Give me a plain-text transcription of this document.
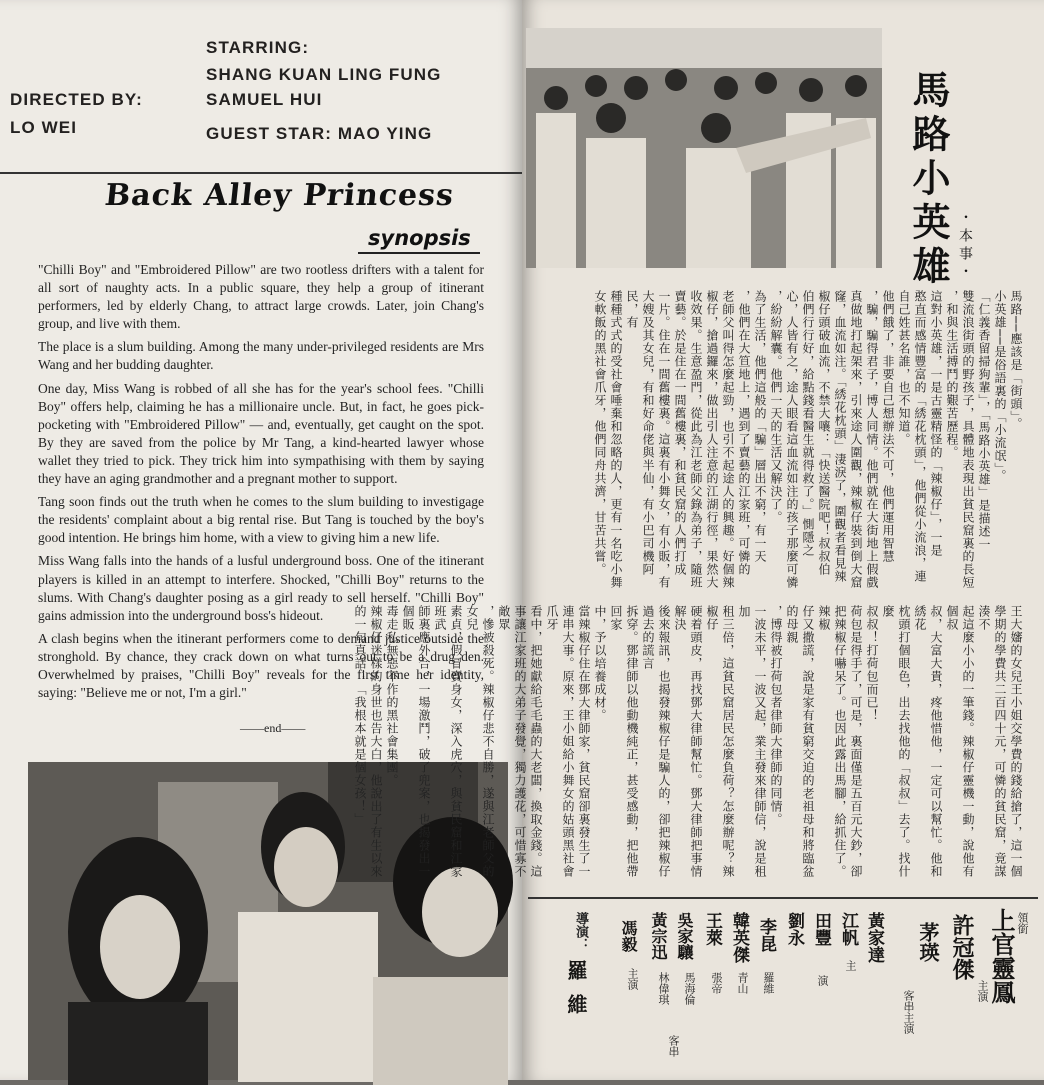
STARRING:
SHANG KUAN LING FUNG
SAMUEL HUI
DIRECTED BY:
LO WEI	GUEST STAR: MAO YING
Back Alley Princess
synopsis

"Chilli Boy" and "Embroidered Pillow" are two rootless drifters with a talent for all sort of naughty acts. In a public square, they help a group of itinerant performers, led by elderly Chang, to attract large crowds. Later, join Chang's group, and live with them.

The place is a slum building. Among the many under-privileged residents are Mrs Wang and her budding daughter.

One day, Miss Wang is robbed of all she has for the year's school fees. "Chilli Boy" offers help, claiming he has a millionaire uncle. But, in fact, he goes pick-pocketing with "Embroidered Pillow" — and, eventually, get caught on the spot. By they are saved from the police by Mr Tang, a kind-hearted lawyer whose wallet they tried to pick. They trick him into sympathising with them by saying they have an aging grandmother and a pregnant mother to support.

Tang soon finds out the truth when he comes to the slum building to investigage the residents' complaint about a big rental rise. But Tang is touched by the boy's good intention. He brings him home, with a view to giving him a new life.

Miss Wang falls into the hands of a lusful underground boss. One of the itinerant players is killed in an attempt to interfere. Shocked, "Chilli Boy" returns to the slums. With Chang's daughter posing as a girl ready to sell herself. "Chilli Boy" gains admission into the underground boss's hideout.

A clash begins when the itinerant performers come to demand justice outside the stronghold. By chance, they crack down on what turns out to be a drug den. Overwhelmed by praises, "Chilli Boy" reveals for the first time her identity, saying: "Believe me or not, I'm a girl."

——end——
馬路小英雄 ・本事・
馬路──應該是「街頭」。
小英雄──是俗語裏的「小流氓」。
「仁義香留掃狗輩」，「馬路小英雄」是描述一
雙流浪街頭的野孩子，具體地表現出貧民窟裏的長短
，和與生活搏鬥的艱苦歷程。
這對小英雄，一是古靈精怪的「辣椒仔」，一是
憨直而感情豐富的「綉花枕頭」，他們從小流浪，連
自己姓甚名誰，也不知道。
他們餓了，非要自己想辦法不可，他們運用智慧
，騙，騙得君子，博人同情。他們就在大街地上假戲
真做地打起架來，引來途人圍觀，辣椒仔裝到倒大窟
窿，血流如注。「綉花枕頭」淒淚了，圍觀者看見辣
椒仔頭破血流，不禁大嚷：「快送醫院吧！叔叔伯
伯們行行好，給點錢看醫生就得救了。」惻隱之
心，人皆有之，途人眼看這血流如注的孩子那麼可憐
，紛紛解囊。他們一天的生活又解決了。
為了生活，他們這般的「騙」層出不窮，有一天
，他們在大笪地上，遇到了賣藝的江家班，可憐的
老師父叫得怎麼起勁，也引不起途人的興趣。好個辣
椒仔，搶過鑼來，做出引人注意的江湖行徑，果然大
收效果。生意盈門，從此為江老師父錄為弟子，隨班
賣藝。於是住在一間舊樓裏，和貧民窟的人們打成
一片。住在一間舊樓裏。這裏有小舞女，有小販，有
大嫂及其女兒，有和好命佬與半仙，有小巴司機阿民，有
種種式式的受社會唾棄和忽略的人，更有一名吃小舞
女軟飯的黑社會爪牙，他們同舟共濟，甘苦共嘗。
王大嬸的女兒王小姐交學費的錢給搶了，這一個
學期的學費共二百四十元，可憐的貧民窟，竟謀湊不
起這麼小小的一筆錢。辣椒仔靈機一動，說他有個叔
叔，大富大貴，疼他惜他，一定可以幫忙。他和綉花
枕頭打個眼色，出去找他的「叔叔」去了。找什麼
叔叔！打荷包而已！
荷包是得手了，可是，裏面僅是五百元大鈔，卻
把辣椒仔嚇呆了。也因此露出馬腳，給抓住了。辣椒
仔又撒謊，說是家有貧窮交迫的老祖母和將臨盆的母親
，博得被打荷包者律師大律師的同情。
一波未平，一波又起，業主發來律師信，說是租加
租三倍，這貧民窟居民怎麼負荷？怎麼辦呢？辣椒仔
硬着頭皮，再找鄧大律師幫忙。鄧大律師把事情解決
後來報訊，也揭發辣椒仔是騙人的，卻把辣椒仔過去的謊言
拆穿。鄧律師以他動機純正，甚受感動，把他帶回家
中，予以培養成材。
當辣椒仔住在鄧大律師家，貧民窟卻裏發生了一
連串大事。原來，王小姐給小舞女的姑頭黑社會爪牙
看中，把她獻給毛毛蟲的大老闆，換取金錢。這
事讓江家班的大弟子發覺，獨力護花，可惜寡不敵眾
，慘被殺死。辣椒仔悲不自勝，遂與江老師父的女兒
素貞，假冒賣身女，深入虎穴，與貧民窟和江家班武
師裏應外合，一場激鬥，破了兜案，也揭發出一個販
毒走私無惡不作的黑社會集團。
辣椒仔迷樣的身世也告大白，他說出了有生以來
的一句真話：「我根本就是個女孩！」
上官靈鳳 領銜
許冠傑
主演
茅瑛
客串主演
黃家達
江帆
主
田豐
演
劉永
李昆
羅維
韓英傑
青山
王萊
張帝
吳家驤
馬海倫
黃宗迅
林偉琪
客串
馮毅
主演
導演：
羅維
